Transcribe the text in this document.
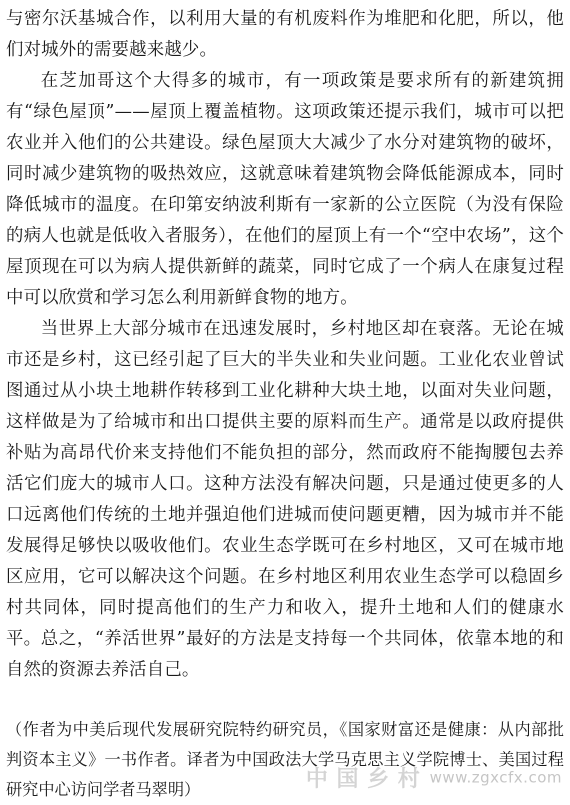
与密尔沃基城合作，以利用大量的有机废料作为堆肥和化肥，所以，他们对城外的需要越来越少。

在芝加哥这个大得多的城市，有一项政策是要求所有的新建筑拥有“绿色屋顶”——屋顶上覆盖植物。这项政策还提示我们，城市可以把农业并入他们的公共建设。绿色屋顶大大减少了水分对建筑物的破坏，同时减少建筑物的吸热效应，这就意味着建筑物会降低能源成本，同时降低城市的温度。在印第安纳波利斯有一家新的公立医院（为没有保险的病人也就是低收入者服务），在他们的屋顶上有一个“空中农场”，这个屋顶现在可以为病人提供新鲜的蔬菜，同时它成了一个病人在康复过程中可以欣赏和学习怎么利用新鲜食物的地方。

当世界上大部分城市在迅速发展时，乡村地区却在衰落。无论在城市还是乡村，这已经引起了巨大的半失业和失业问题。工业化农业曾试图通过从小块土地耕作转移到工业化耕种大块土地，以面对失业问题，这样做是为了给城市和出口提供主要的原料而生产。通常是以政府提供补贴为高昂代价来支持他们不能负担的部分，然而政府不能掏腰包去养活它们庞大的城市人口。这种方法没有解决问题，只是通过使更多的人口远离他们传统的土地并强迫他们进城而使问题更糟，因为城市并不能发展得足够快以吸收他们。农业生态学既可在乡村地区，又可在城市地区应用，它可以解决这个问题。在乡村地区利用农业生态学可以稳固乡村共同体，同时提高他们的生产力和收入，提升土地和人们的健康水平。 总之，“养活世界”最好的方法是支持每一个共同体，依靠本地的和自然的资源去养活自己。

（作者为中美后现代发展研究院特约研究员，《国家财富还是健康：从内部批判资本主义》一书作者。译者为中国政法大学马克思主义学院博士、美国过程研究中心访问学者马翠明）	中 国 乡 村 www.zgxcfx.com
